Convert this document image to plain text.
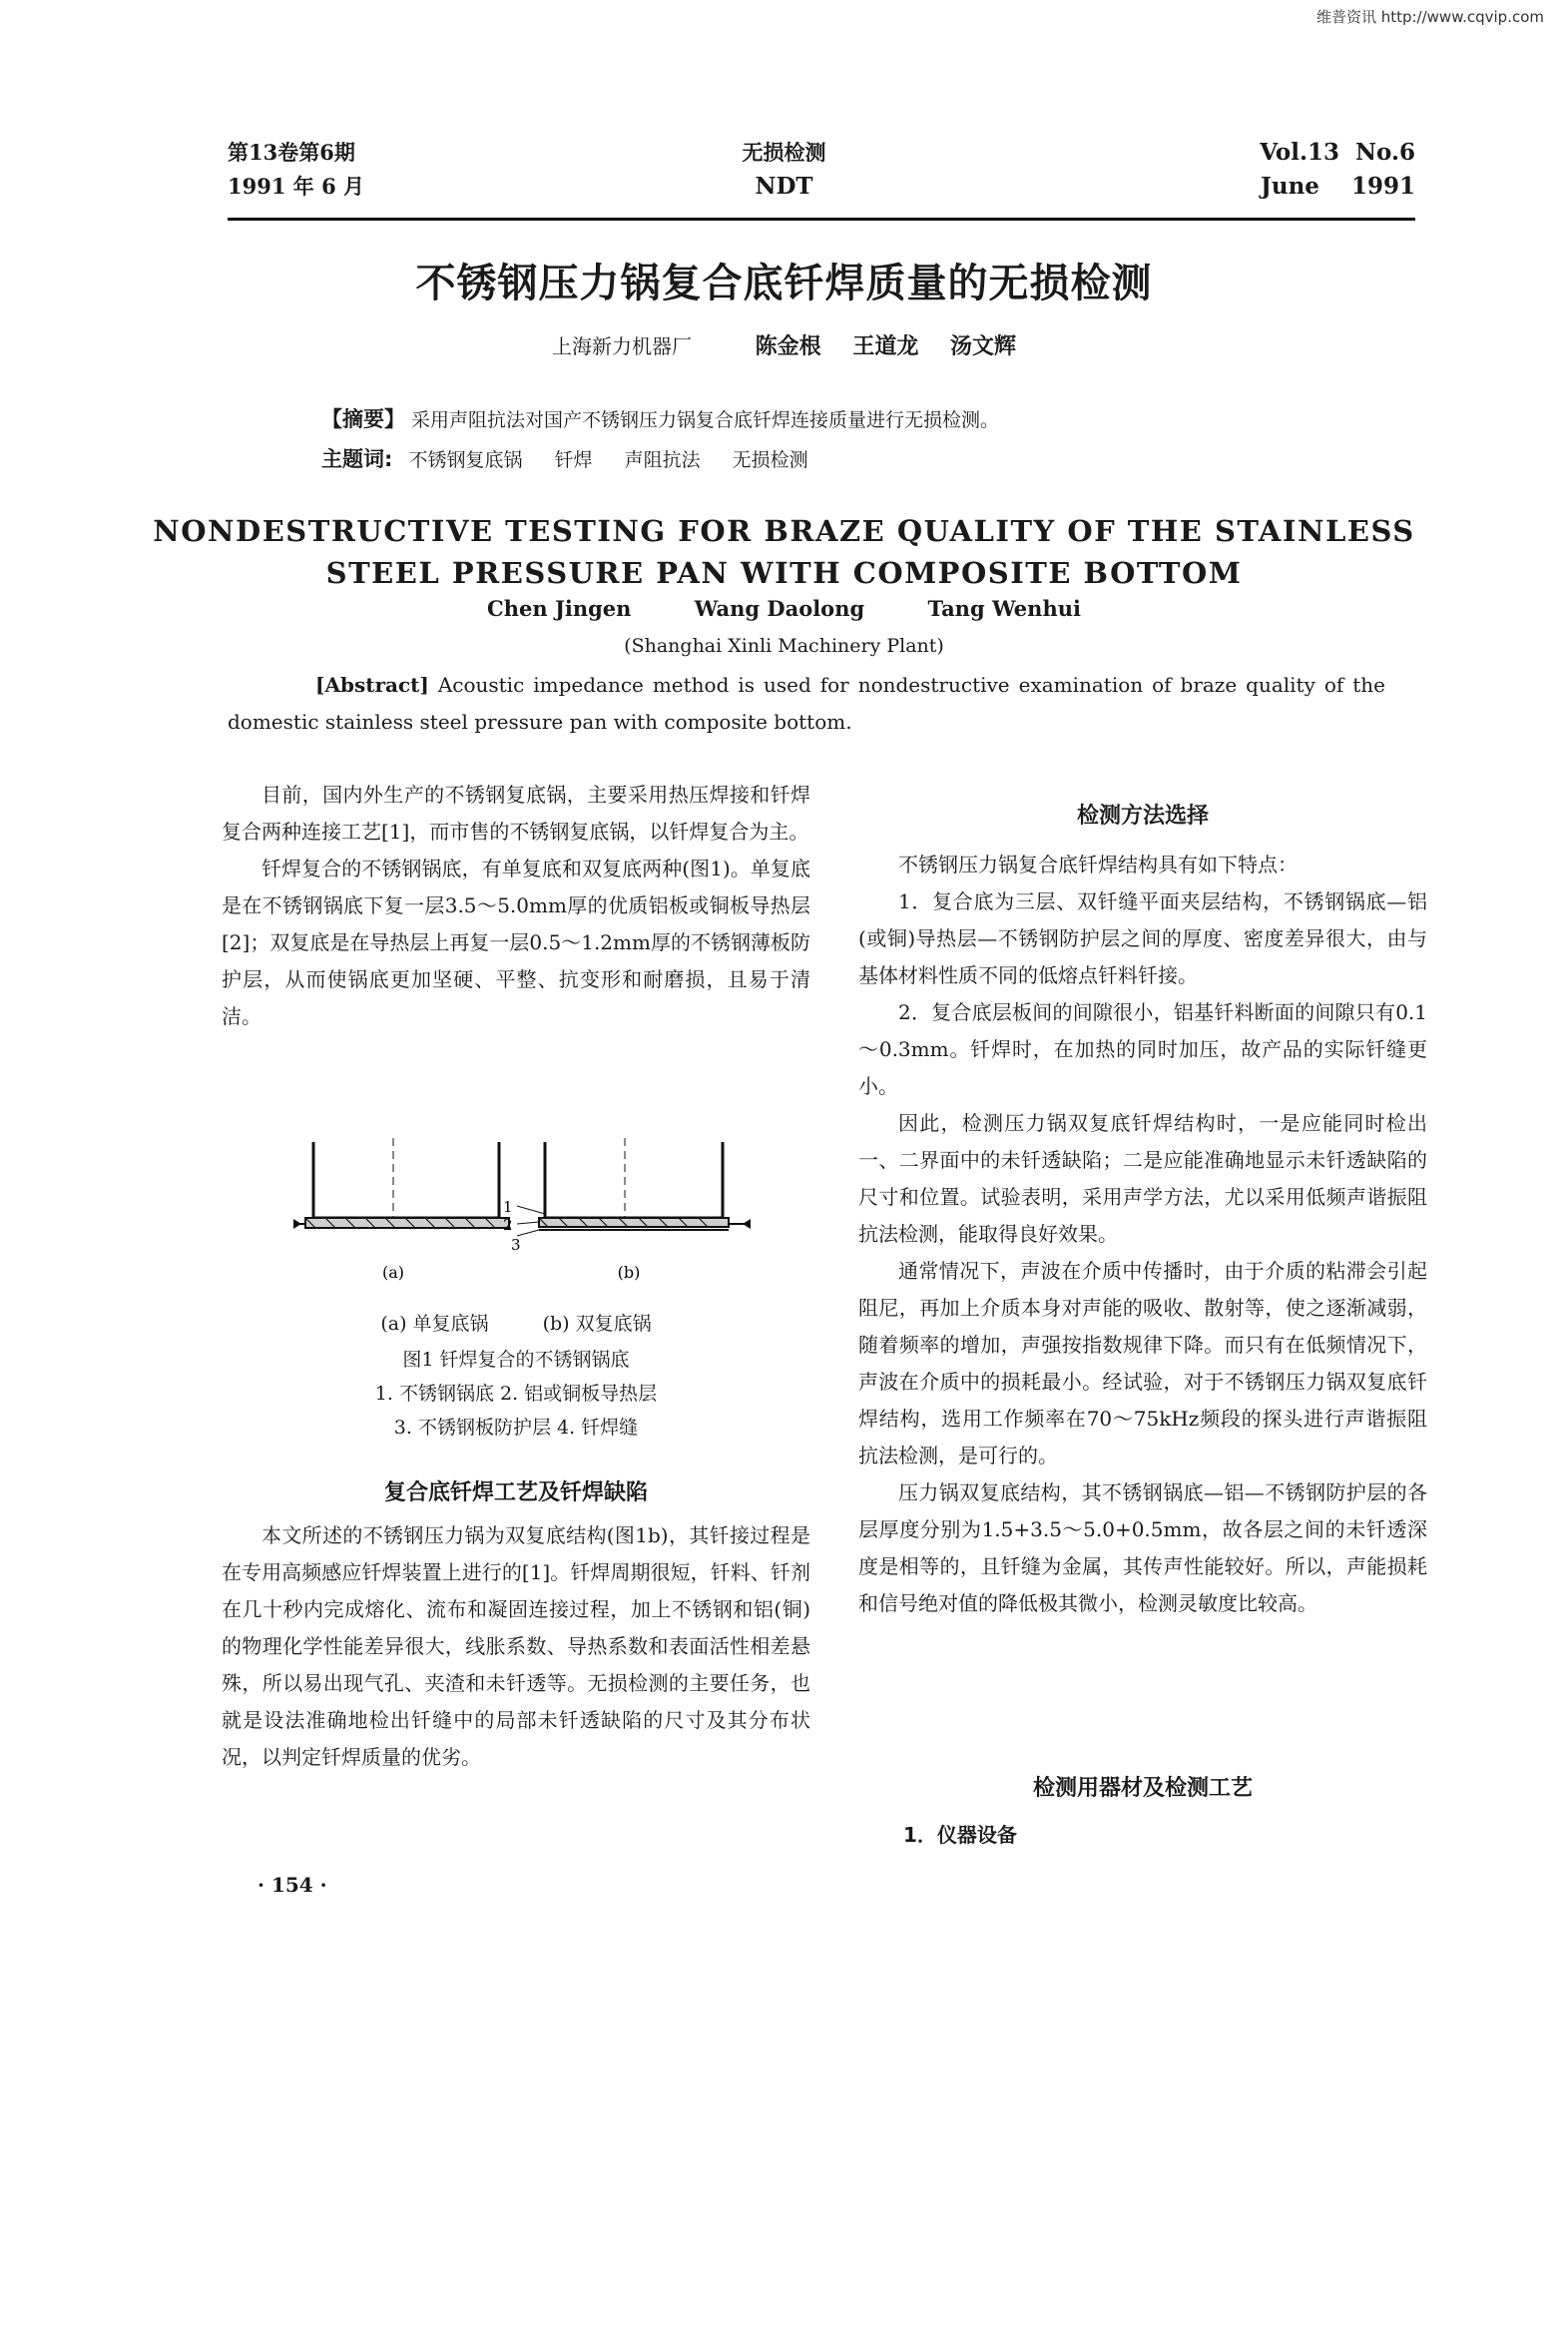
维普资讯 http://www.cqvip.com
第13卷第6期
1991 年 6 月
无损检测
NDT
Vol.13  No.6
June    1991
不锈钢压力锅复合底钎焊质量的无损检测
上海新力机器厂	陈金根 王道龙 汤文辉
【摘要】 采用声阻抗法对国产不锈钢压力锅复合底钎焊连接质量进行无损检测。
主题词: 不锈钢复底锅 钎焊 声阻抗法 无损检测
NONDESTRUCTIVE TESTING FOR BRAZE QUALITY OF THE STAINLESS
STEEL PRESSURE PAN WITH COMPOSITE BOTTOM
Chen Jingen	Wang Daolong	Tang Wenhui
(Shanghai Xinli Machinery Plant)
[Abstract] Acoustic impedance method is used for nondestructive examination of braze quality of the domestic stainless steel pressure pan with composite bottom.

目前，国内外生产的不锈钢复底锅，主要采用热压焊接和钎焊复合两种连接工艺[1]，而市售的不锈钢复底锅，以钎焊复合为主。

钎焊复合的不锈钢锅底，有单复底和双复底两种(图1)。单复底是在不锈钢锅底下复一层3.5～5.0mm厚的优质铝板或铜板导热层[2]；双复底是在导热层上再复一层0.5～1.2mm厚的不锈钢薄板防护层，从而使锅底更加坚硬、平整、抗变形和耐磨损，且易于清洁。

1
2
3
(a)	(b)
(a) 单复底锅	(b) 双复底锅
图1 钎焊复合的不锈钢锅底
1. 不锈钢锅底 2. 铝或铜板导热层
3. 不锈钢板防护层 4. 钎焊缝
复合底钎焊工艺及钎焊缺陷

本文所述的不锈钢压力锅为双复底结构(图1b)，其钎接过程是在专用高频感应钎焊装置上进行的[1]。钎焊周期很短，钎料、钎剂在几十秒内完成熔化、流布和凝固连接过程，加上不锈钢和铝(铜)的物理化学性能差异很大，线胀系数、导热系数和表面活性相差悬殊，所以易出现气孔、夹渣和未钎透等。无损检测的主要任务，也就是设法准确地检出钎缝中的局部未钎透缺陷的尺寸及其分布状况，以判定钎焊质量的优劣。

检测方法选择

不锈钢压力锅复合底钎焊结构具有如下特点：

1．复合底为三层、双钎缝平面夹层结构，不锈钢锅底—铝(或铜)导热层—不锈钢防护层之间的厚度、密度差异很大，由与基体材料性质不同的低熔点钎料钎接。

2．复合底层板间的间隙很小，铝基钎料断面的间隙只有0.1～0.3mm。钎焊时，在加热的同时加压，故产品的实际钎缝更小。

因此，检测压力锅双复底钎焊结构时，一是应能同时检出一、二界面中的未钎透缺陷；二是应能准确地显示未钎透缺陷的尺寸和位置。试验表明，采用声学方法，尤以采用低频声谐振阻抗法检测，能取得良好效果。

通常情况下，声波在介质中传播时，由于介质的粘滞会引起阻尼，再加上介质本身对声能的吸收、散射等，使之逐渐减弱，随着频率的增加，声强按指数规律下降。而只有在低频情况下，声波在介质中的损耗最小。经试验，对于不锈钢压力锅双复底钎焊结构，选用工作频率在70～75kHz频段的探头进行声谐振阻抗法检测，是可行的。

压力锅双复底结构，其不锈钢锅底—铝—不锈钢防护层的各层厚度分别为1.5+3.5～5.0+0.5mm，故各层之间的未钎透深度是相等的，且钎缝为金属，其传声性能较好。所以，声能损耗和信号绝对值的降低极其微小，检测灵敏度比较高。

检测用器材及检测工艺
1．仪器设备
· 154 ·
